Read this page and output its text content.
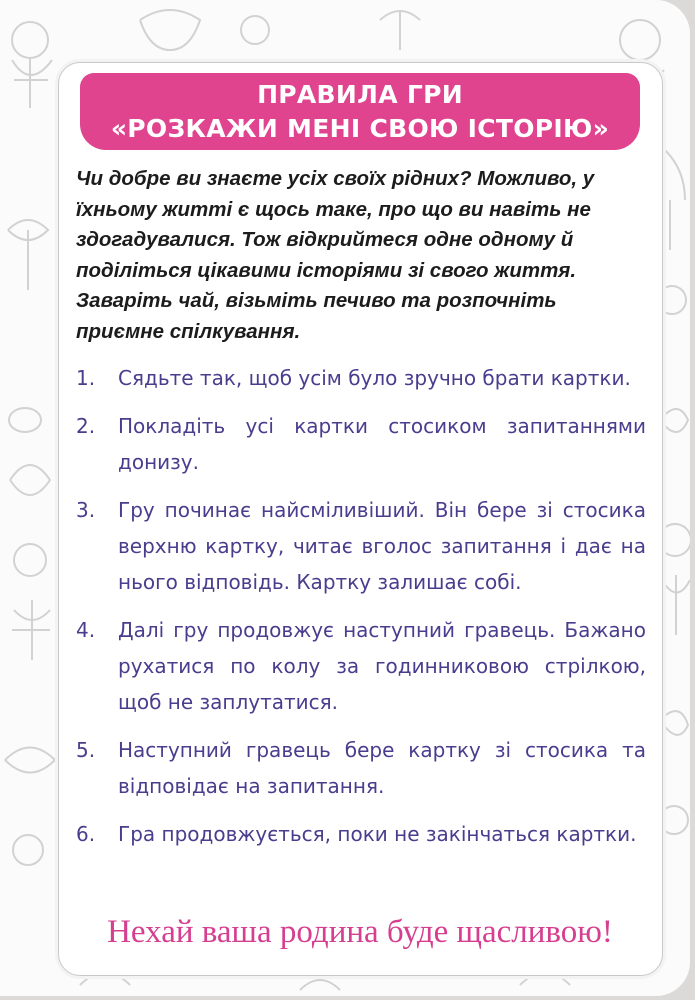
ПРАВИЛА ГРИ
«РОЗКАЖИ МЕНІ СВОЮ ІСТОРІЮ»

Чи добре ви знаєте усіх своїх рідних? Можливо, у їхньому житті є щось таке, про що ви навіть не здогадувалися. Тож відкрийтеся одне одному й поділіться цікавими історіями зі свого життя. Заварiть чай, вiзьмiть печиво та розпочнiть приємне спілкування.

1.	Сядьте так, щоб усім було зручно брати картки.
2.	Покладіть усі картки стосиком запитаннями донизу.
3.	Гру починає найсміливіший. Він бере зі стосика верхню картку, читає вголос запитання і дає на нього відповідь. Картку залишає собі.
4.	Далі гру продовжує наступний гравець. Бажано рухатися по колу за годинниковою стрілкою, щоб не заплутатися.
5.	Наступний гравець бере картку зі стосика та відповідає на запитання.
6.	Гра продовжується, поки не закінчаться картки.
Нехай ваша родина буде щасливою!
